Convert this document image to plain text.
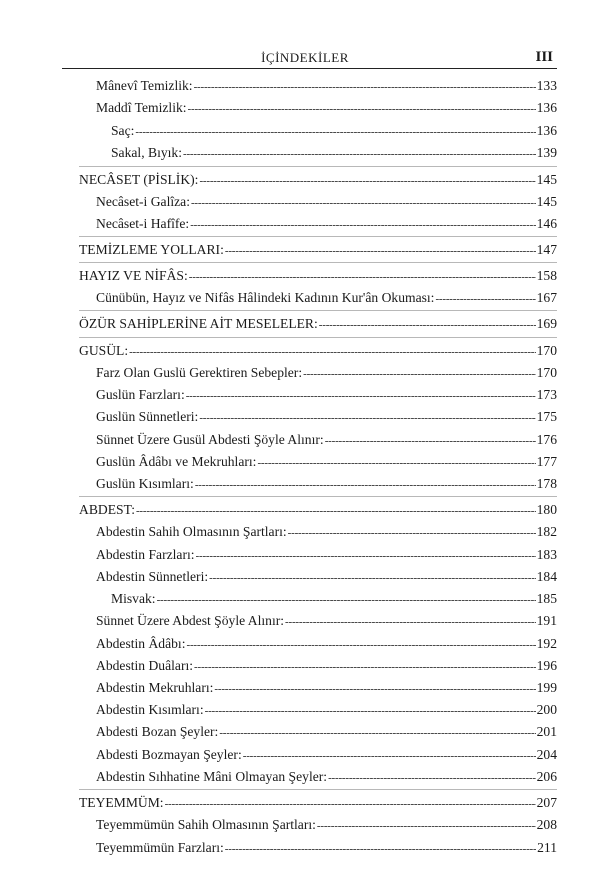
İÇİNDEKİLER	III
Mânevî Temizlik: -----	133
Maddî Temizlik: -----	136
Saç: -----	136
Sakal, Bıyık: -----	139
NECÂSET (PİSLİK): -----	145
Necâset-i Galîza: -----	145
Necâset-i Hafîfe: -----	146
TEMİZLEME YOLLARI: -----	147
HAYIZ VE NİFÂS: -----	158
Cünübün, Hayız ve Nifâs Hâlindeki Kadının Kur'ân Okuması: -----	167
ÖZÜR SAHİPLERİNE AİT MESELELER: -----	169
GUSÜL: -----	170
Farz Olan Guslü Gerektiren Sebepler: -----	170
Guslün Farzları: -----	173
Guslün Sünnetleri: -----	175
Sünnet Üzere Gusül Abdesti Şöyle Alınır: -----	176
Guslün Âdâbı ve Mekruhları: -----	177
Guslün Kısımları: -----	178
ABDEST: -----	180
Abdestin Sahih Olmasının Şartları: -----	182
Abdestin Farzları: -----	183
Abdestin Sünnetleri: -----	184
Misvak: -----	185
Sünnet Üzere Abdest Şöyle Alınır: -----	191
Abdestin Âdâbı: -----	192
Abdestin Duâları: -----	196
Abdestin Mekruhları: -----	199
Abdestin Kısımları: -----	200
Abdesti Bozan Şeyler: -----	201
Abdesti Bozmayan Şeyler: -----	204
Abdestin Sıhhatine Mâni Olmayan Şeyler: -----	206
TEYEMMÜM: -----	207
Teyemmümün Sahih Olmasının Şartları: -----	208
Teyemmümün Farzları: -----	211
